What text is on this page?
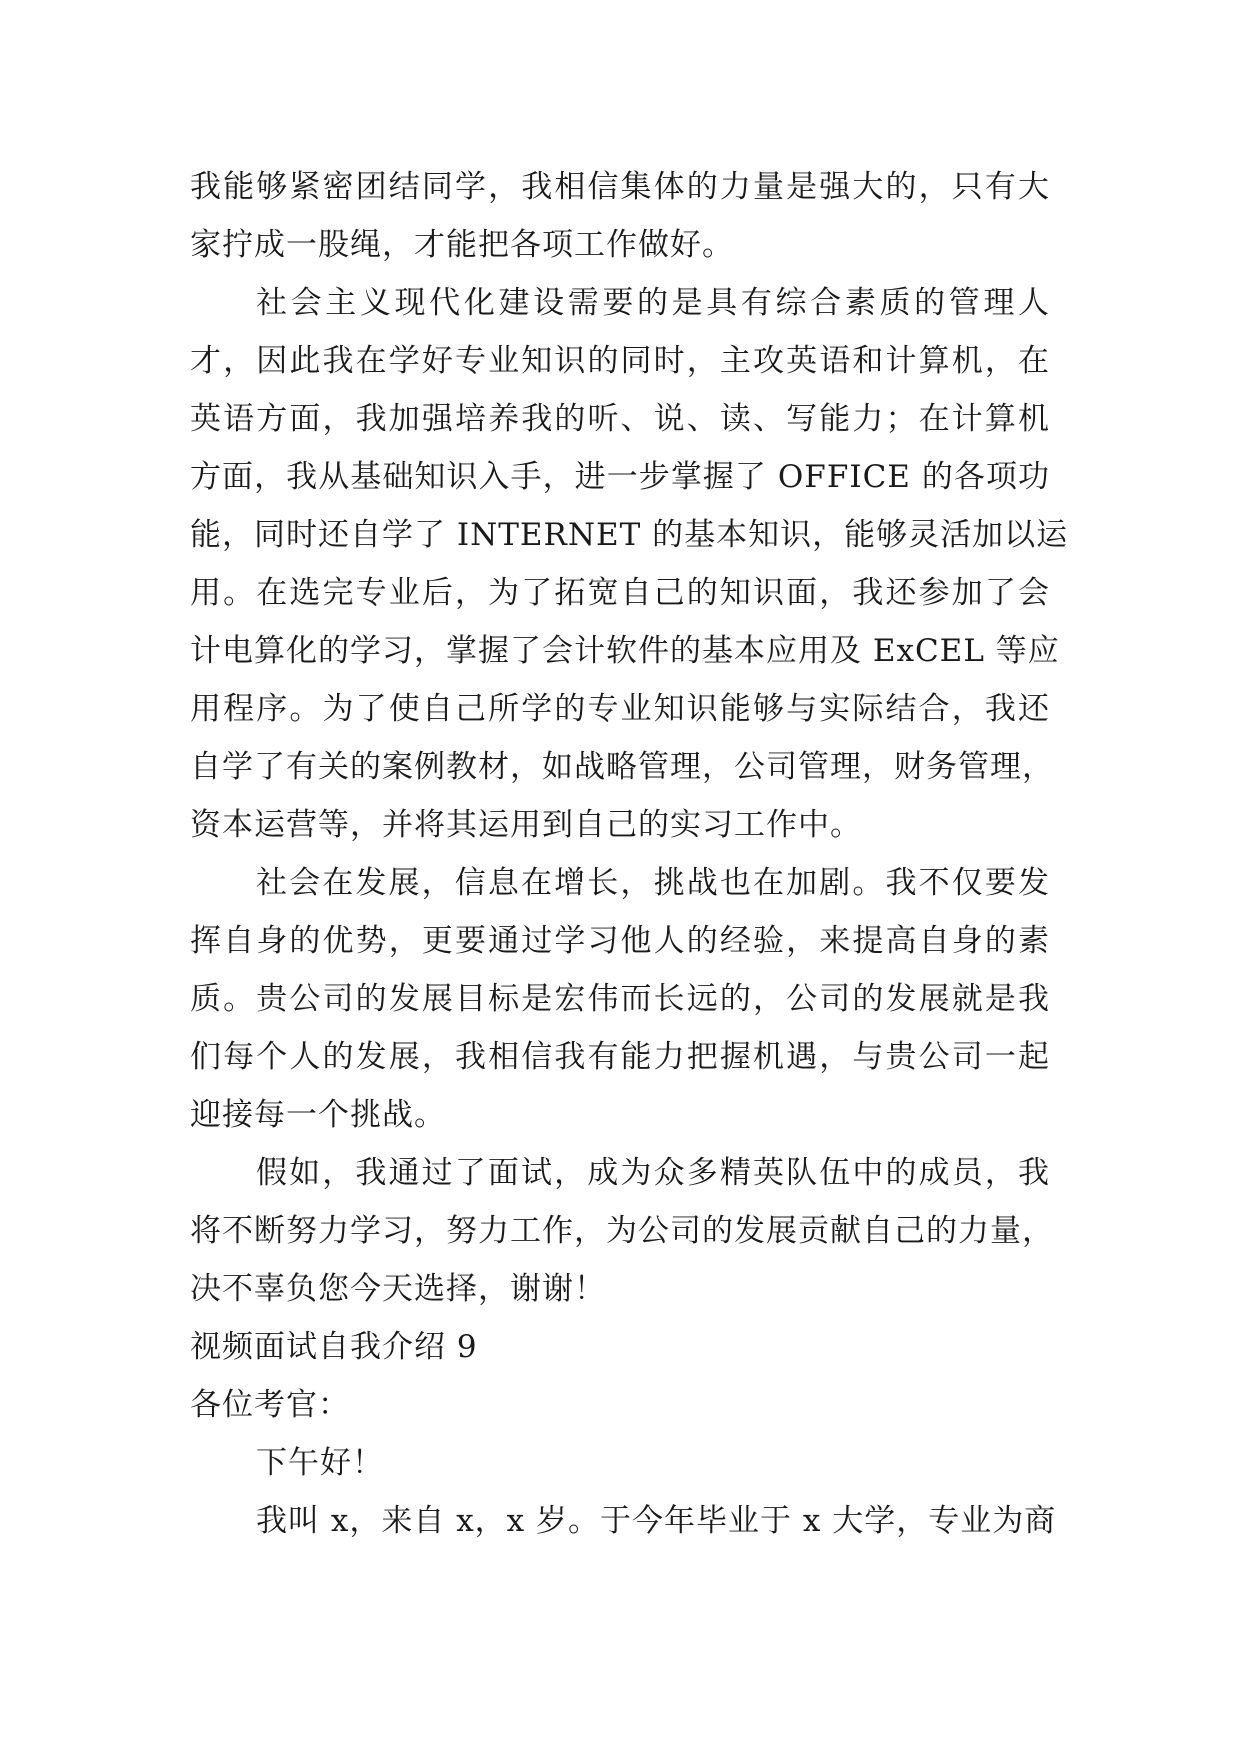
我能够紧密团结同学，我相信集体的力量是强大的，只有大
家拧成一股绳，才能把各项工作做好。
社会主义现代化建设需要的是具有综合素质的管理人
才，因此我在学好专业知识的同时，主攻英语和计算机，在
英语方面，我加强培养我的听、说、读、写能力；在计算机
方面，我从基础知识入手，进一步掌握了 OFFICE 的各项功
能，同时还自学了 INTERNET 的基本知识，能够灵活加以运
用。在选完专业后，为了拓宽自己的知识面，我还参加了会
计电算化的学习，掌握了会计软件的基本应用及 ExCEL 等应
用程序。为了使自己所学的专业知识能够与实际结合，我还
自学了有关的案例教材，如战略管理，公司管理，财务管理，
资本运营等，并将其运用到自己的实习工作中。
社会在发展，信息在增长，挑战也在加剧。我不仅要发
挥自身的优势，更要通过学习他人的经验，来提高自身的素
质。贵公司的发展目标是宏伟而长远的，公司的发展就是我
们每个人的发展，我相信我有能力把握机遇，与贵公司一起
迎接每一个挑战。
假如，我通过了面试，成为众多精英队伍中的成员，我
将不断努力学习，努力工作，为公司的发展贡献自己的力量，
决不辜负您今天选择，谢谢！
视频面试自我介绍 9
各位考官：
下午好！
我叫 x，来自 x，x 岁。于今年毕业于 x 大学，专业为商
